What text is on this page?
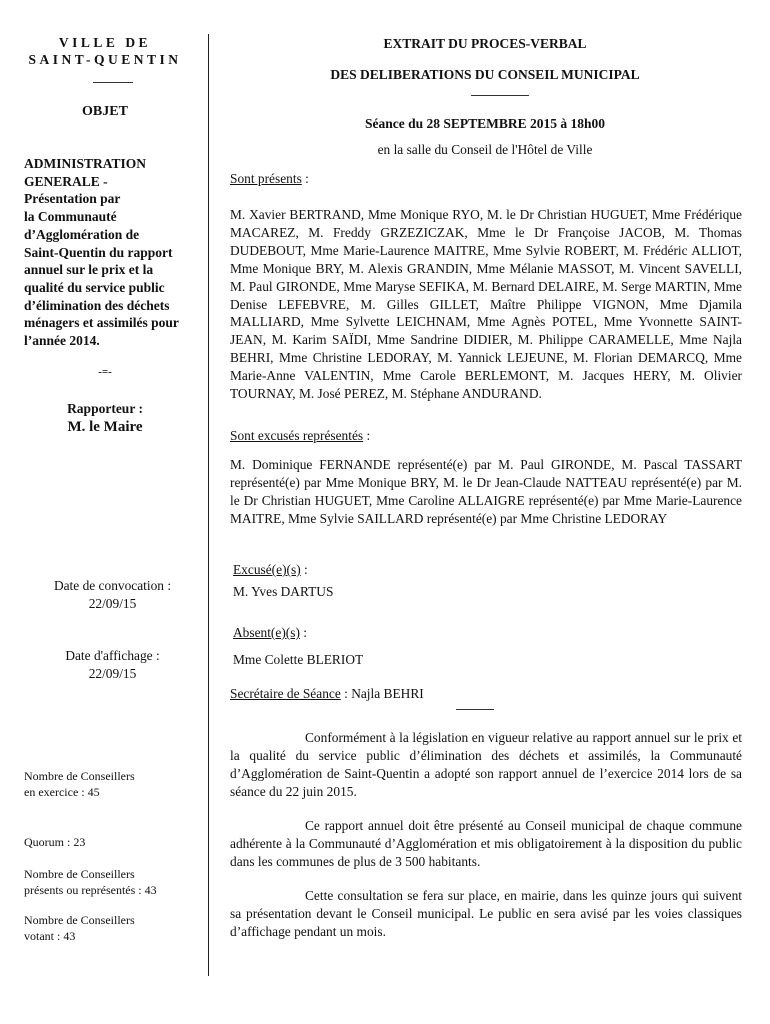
VILLE DE
SAINT-QUENTIN
OBJET
ADMINISTRATION
GENERALE -
Présentation par
la Communauté
d’Agglomération de
Saint-Quentin du rapport
annuel sur le prix et la
qualité du service public
d’élimination des déchets
ménagers et assimilés pour
l’année 2014.
-=-
Rapporteur :
M. le Maire
Date de convocation :
22/09/15
Date d'affichage :
22/09/15
Nombre de Conseillers
en exercice : 45
Quorum : 23
Nombre de Conseillers
présents ou représentés : 43
Nombre de Conseillers
votant : 43
EXTRAIT DU PROCES-VERBAL
DES DELIBERATIONS DU CONSEIL MUNICIPAL
Séance du 28 SEPTEMBRE 2015 à 18h00
en la salle du Conseil de l'Hôtel de Ville
Sont présents :
M. Xavier BERTRAND, Mme Monique RYO, M. le Dr Christian HUGUET, Mme Frédérique MACAREZ, M. Freddy GRZEZICZAK, Mme le Dr Françoise JACOB, M. Thomas DUDEBOUT, Mme Marie-Laurence MAITRE, Mme Sylvie ROBERT, M. Frédéric ALLIOT, Mme Monique BRY, M. Alexis GRANDIN, Mme Mélanie MASSOT, M. Vincent SAVELLI, M. Paul GIRONDE, Mme Maryse SEFIKA, M. Bernard DELAIRE, M. Serge MARTIN, Mme Denise LEFEBVRE, M. Gilles GILLET, Maître Philippe VIGNON, Mme Djamila MALLIARD, Mme Sylvette LEICHNAM, Mme Agnès POTEL, Mme Yvonnette SAINT-JEAN, M. Karim SAÏDI, Mme Sandrine DIDIER, M. Philippe CARAMELLE, Mme Najla BEHRI, Mme Christine LEDORAY, M. Yannick LEJEUNE, M. Florian DEMARCQ, Mme Marie-Anne VALENTIN, Mme Carole BERLEMONT, M. Jacques HERY, M. Olivier TOURNAY, M. José PEREZ, M. Stéphane ANDURAND.
Sont excusés représentés :
M. Dominique FERNANDE représenté(e) par M. Paul GIRONDE, M. Pascal TASSART représenté(e) par Mme Monique BRY, M. le Dr Jean-Claude NATTEAU représenté(e) par M. le Dr Christian HUGUET, Mme Caroline ALLAIGRE représenté(e) par Mme Marie-Laurence MAITRE, Mme Sylvie SAILLARD représenté(e) par Mme Christine LEDORAY
Excusé(e)(s) :
M. Yves DARTUS
Absent(e)(s) :
Mme Colette BLERIOT
Secrétaire de Séance : Najla BEHRI
Conformément à la législation en vigueur relative au rapport annuel sur le prix et la qualité du service public d’élimination des déchets et assimilés, la Communauté d’Agglomération de Saint-Quentin a adopté son rapport annuel de l’exercice 2014 lors de sa séance du 22 juin 2015.
Ce rapport annuel doit être présenté au Conseil municipal de chaque commune adhérente à la Communauté d’Agglomération et mis obligatoirement à la disposition du public dans les communes de plus de 3 500 habitants.
Cette consultation se fera sur place, en mairie, dans les quinze jours qui suivent sa présentation devant le Conseil municipal. Le public en sera avisé par les voies classiques d’affichage pendant un mois.
